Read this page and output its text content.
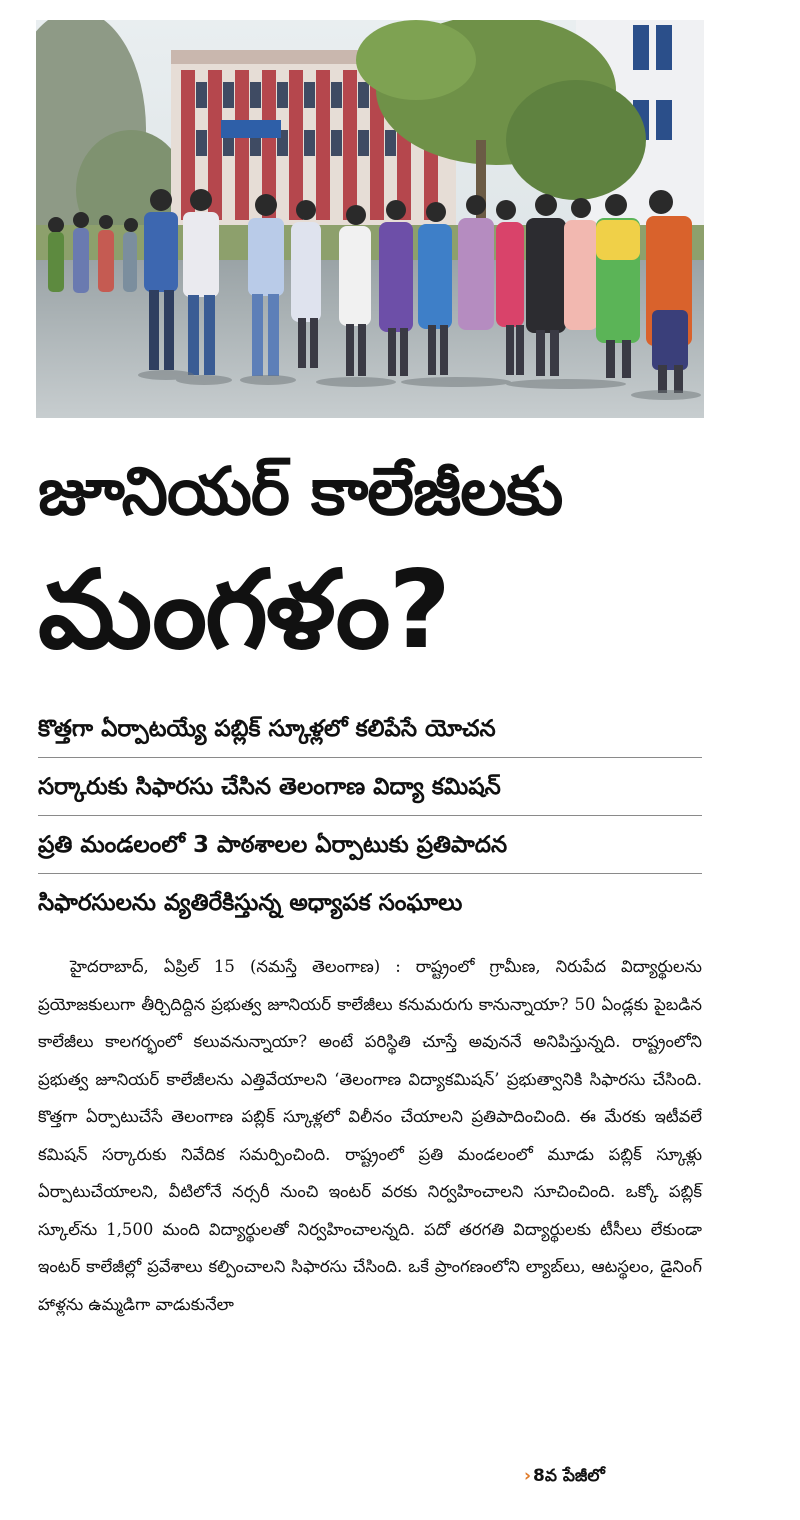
జూనియర్ కాలేజీలకు
మంగళం?
కొత్తగా ఏర్పాటయ్యే పబ్లిక్ స్కూళ్లలో కలిపేసే యోచన
సర్కారుకు సిఫారసు చేసిన తెలంగాణ విద్యా కమిషన్
ప్రతి మండలంలో 3 పాఠశాలల ఏర్పాటుకు ప్రతిపాదన
సిఫారసులను వ్యతిరేకిస్తున్న అధ్యాపక సంఘాలు

హైదరాబాద్, ఏప్రిల్ 15 (నమస్తే తెలంగాణ) : రాష్ట్రంలో గ్రామీణ, నిరుపేద విద్యార్థులను ప్రయోజకులుగా తీర్చిదిద్దిన ప్రభుత్వ జూనియర్ కాలేజీలు కనుమరుగు కానున్నాయా? 50 ఏండ్లకు పైబడిన కాలేజీలు కాలగర్భంలో కలువనున్నాయా? అంటే పరిస్థితి చూస్తే అవుననే అనిపిస్తున్నది. రాష్ట్రంలోని ప్రభుత్వ జూనియర్ కాలేజీలను ఎత్తివేయాలని ‘తెలంగాణ విద్యాకమిషన్’ ప్రభుత్వానికి సిఫారసు చేసింది. కొత్తగా ఏర్పాటుచేసే తెలంగాణ పబ్లిక్ స్కూళ్లలో విలీనం చేయాలని ప్రతిపాదించింది. ఈ మేరకు ఇటీవలే కమిషన్ సర్కారుకు నివేదిక సమర్పించింది. రాష్ట్రంలో ప్రతి మండలంలో మూడు పబ్లిక్ స్కూళ్లు ఏర్పాటుచేయాలని, వీటిలోనే నర్సరీ నుంచి ఇంటర్ వరకు నిర్వహించాలని సూచించింది. ఒక్కో పబ్లిక్ స్కూల్‌ను 1,500 మంది విద్యార్థులతో నిర్వహించాలన్నది. పదో తరగతి విద్యార్థులకు టీసీలు లేకుండా ఇంటర్ కాలేజీల్లో ప్రవేశాలు కల్పించాలని సిఫారసు చేసింది. ఒకే ప్రాంగణంలోని ల్యాబ్‌లు, ఆటస్థలం, డైనింగ్ హాళ్లను ఉమ్మడిగా వాడుకునేలా

› 8వ పేజీలో
